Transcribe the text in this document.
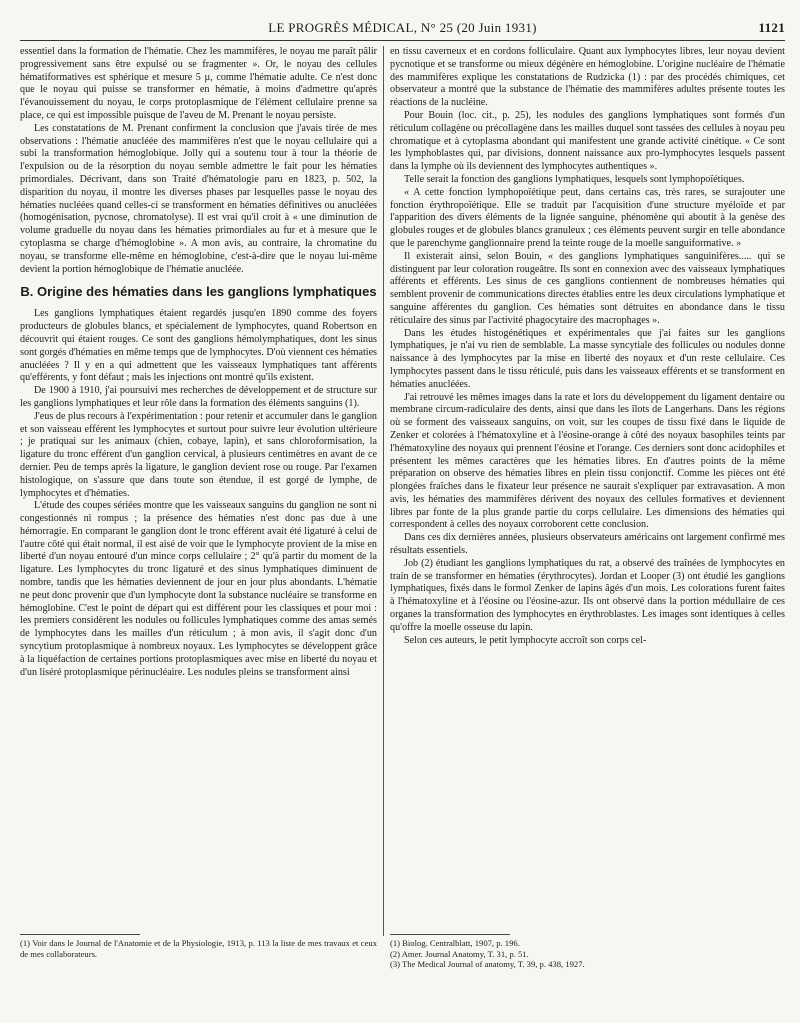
LE PROGRÈS MÉDICAL, N° 25 (20 Juin 1931)	1121

essentiel dans la formation de l'hématie. Chez les mammifères, le noyau me paraît pâlir progressivement sans être expulsé ou se fragmenter ». Or, le noyau des cellules hématiformatives est sphérique et mesure 5 µ, comme l'hématie adulte. Ce n'est donc que le noyau qui puisse se transformer en hématie, à moins d'admettre qu'après l'évanouissement du noyau, le corps protoplasmique de l'élément cellulaire prenne sa place, ce qui est impossible puisque de l'aveu de M. Prenant le noyau persiste.

Les constatations de M. Prenant confirment la conclusion que j'avais tirée de mes observations : l'hématie anucléée des mammifères n'est que le noyau cellulaire qui a subi la transformation hémoglobique. Jolly qui a soutenu tour à tour la théorie de l'expulsion ou de la résorption du noyau semble admettre le fait pour les hématies primordiales. Décrivant, dans son Traité d'hématologie paru en 1823, p. 502, la disparition du noyau, il montre les diverses phases par lesquelles passe le noyau des hématies nucléées quand celles-ci se transforment en hématies définitives ou anucléées (homogénisation, pycnose, chromatolyse). Il est vrai qu'il croit à « une diminution de volume graduelle du noyau dans les hématies primordiales au fur et à mesure que le cytoplasma se charge d'hémoglobine ». A mon avis, au contraire, la chromatine du noyau, se transforme elle-même en hémoglobine, c'est-à-dire que le noyau lui-même devient la portion hémoglobique de l'hématie anucléée.

B. Origine des hématies dans les ganglions lymphatiques

Les ganglions lymphatiques étaient regardés jusqu'en 1890 comme des foyers producteurs de globules blancs, et spécialement de lymphocytes, quand Robertson en découvrit qui étaient rouges. Ce sont des ganglions hémolymphatiques, dont les sinus sont gorgés d'hématies en même temps que de lymphocytes. D'où viennent ces hématies anucléées ? Il y en a qui admettent que les vaisseaux lymphatiques tant afférents qu'efférents, y font défaut ; mais les injections ont montré qu'ils existent.

De 1900 à 1910, j'ai poursuivi mes recherches de développement et de structure sur les ganglions lymphatiques et leur rôle dans la formation des éléments sanguins (1).

J'eus de plus recours à l'expérimentation : pour retenir et accumuler dans le ganglion et son vaisseau efférent les lymphocytes et surtout pour suivre leur évolution ultérieure ; je pratiquai sur les animaux (chien, cobaye, lapin), et sans chloroformisation, la ligature du tronc efférent d'un ganglion cervical, à plusieurs centimètres en avant de ce dernier. Peu de temps après la ligature, le ganglion devient rose ou rouge. Par l'examen histologique, on s'assure que dans toute son étendue, il est gorgé de lymphe, de lymphocytes et d'hématies.

L'étude des coupes sériées montre que les vaisseaux sanguins du ganglion ne sont ni congestionnés ni rompus ; la présence des hématies n'est donc pas due à une hémorragie. En comparant le ganglion dont le tronc efférent avait été ligaturé à celui de l'autre côté qui était normal, il est aisé de voir que le lymphocyte provient de la mise en liberté d'un noyau entouré d'un mince corps cellulaire ; 2° qu'à partir du moment de la ligature. Les lymphocytes du tronc ligaturé et des sinus lymphatiques diminuent de nombre, tandis que les hématies deviennent de jour en jour plus abondants. L'hématie ne peut donc provenir que d'un lymphocyte dont la substance nucléaire se transforme en hémoglobine. C'est le point de départ qui est différent pour les classiques et pour moi : les premiers considèrent les nodules ou follicules lymphatiques comme des amas semés de lymphocytes dans les mailles d'un réticulum ; à mon avis, il s'agit donc d'un syncytium protoplasmique à nombreux noyaux. Les lymphocytes se développent grâce à la liquéfaction de certaines portions protoplasmiques avec mise en liberté du noyau et d'un liséré protoplasmique périnucléaire. Les nodules pleins se transforment ainsi

en tissu caverneux et en cordons folliculaire. Quant aux lymphocytes libres, leur noyau devient pycnotique et se transforme ou mieux dégénère en hémoglobine. L'origine nucléaire de l'hématie des mammifères explique les constatations de Rudzicka (1) : par des procédés chimiques, cet observateur a montré que la substance de l'hématie des mammifères adultes présente toutes les réactions de la nucléine.

Pour Bouin (loc. cit., p. 25), les nodules des ganglions lymphatiques sont formés d'un réticulum collagène ou précollagène dans les mailles duquel sont tassées des cellules à noyau peu chromatique et à cytoplasma abondant qui manifestent une grande activité cinétique. « Ce sont les lymphoblastes qui, par divisions, donnent naissance aux pro-lymphocytes lesquels passent dans la lymphe où ils deviennent des lymphocytes authentiques ».

Telle serait la fonction des ganglions lymphatiques, lesquels sont lymphopoïétiques.

« A cette fonction lymphopoïétique peut, dans certains cas, très rares, se surajouter une fonction érythropoïétique. Elle se traduit par l'acquisition d'une structure myéloïde et par l'apparition des divers éléments de la lignée sanguine, phénomène qui aboutit à la genèse des globules rouges et de globules blancs granuleux ; ces éléments peuvent surgir en telle abondance que le parenchyme ganglionnaire prend la teinte rouge de la moelle sanguiformative. »

Il existerait ainsi, selon Bouin, « des ganglions lymphatiques sanguinifères..... qui se distinguent par leur coloration rougeâtre. Ils sont en connexion avec des vaisseaux lymphatiques afférents et efférents. Les sinus de ces ganglions contiennent de nombreuses hématies qui semblent provenir de communications directes établies entre les deux circulations lymphatique et sanguine afférentes du ganglion. Ces hématies sont détruites en abondance dans le tissu réticulaire des sinus par l'activité phagocytaire des macrophages ».

Dans les études histogénétiques et expérimentales que j'ai faites sur les ganglions lymphatiques, je n'ai vu rien de semblable. La masse syncytiale des follicules ou nodules donne naissance à des lymphocytes par la mise en liberté des noyaux et d'un reste cellulaire. Ces lymphocytes passent dans le tissu réticulé, puis dans les vaisseaux efférents et se transforment en hématies anucléées.

J'ai retrouvé les mêmes images dans la rate et lors du développement du ligament dentaire ou membrane circum-radiculaire des dents, ainsi que dans les îlots de Langerhans. Dans les régions où se forment des vaisseaux sanguins, on voit, sur les coupes de tissu fixé dans le liquide de Zenker et colorées à l'hématoxyline et à l'éosine-orange à côté des noyaux basophiles teints par l'hématoxyline des noyaux qui prennent l'éosine et l'orange. Ces derniers sont donc acidophiles et présentent les mêmes caractères que les hématies libres. En d'autres points de la même préparation on observe des hématies libres en plein tissu conjonctif. Comme les pièces ont été plongées fraîches dans le fixateur leur présence ne saurait s'expliquer par extravasation. A mon avis, les hématies des mammifères dérivent des noyaux des cellules formatives et deviennent libres par fonte de la plus grande partie du corps cellulaire. Les dimensions des hématies qui correspondent à celles des noyaux corroborent cette conclusion.

Dans ces dix dernières années, plusieurs observateurs américains ont largement confirmé mes résultats essentiels.

Job (2) étudiant les ganglions lymphatiques du rat, a observé des traînées de lymphocytes en train de se transformer en hématies (érythrocytes). Jordan et Looper (3) ont étudié les ganglions lymphatiques, fixés dans le formol Zenker de lapins âgés d'un mois. Les colorations furent faites à l'hématoxyline et à l'éosine ou l'éosine-azur. Ils ont observé dans la portion médullaire de ces organes la transformation des lymphocytes en érythroblastes. Les images sont identiques à celles qu'offre la moelle osseuse du lapin.

Selon ces auteurs, le petit lymphocyte accroît son corps cel-

(1) Voir dans le Journal de l'Anatomie et de la Physiologie, 1913, p. 113 la liste de mes travaux et ceux de mes collaborateurs.
(1) Biolog. Centralblatt, 1907, p. 196.
(2) Amer. Journal Anatomy, T. 31, p. 51.
(3) The Medical Journal of anatomy, T. 39, p. 438, 1927.
